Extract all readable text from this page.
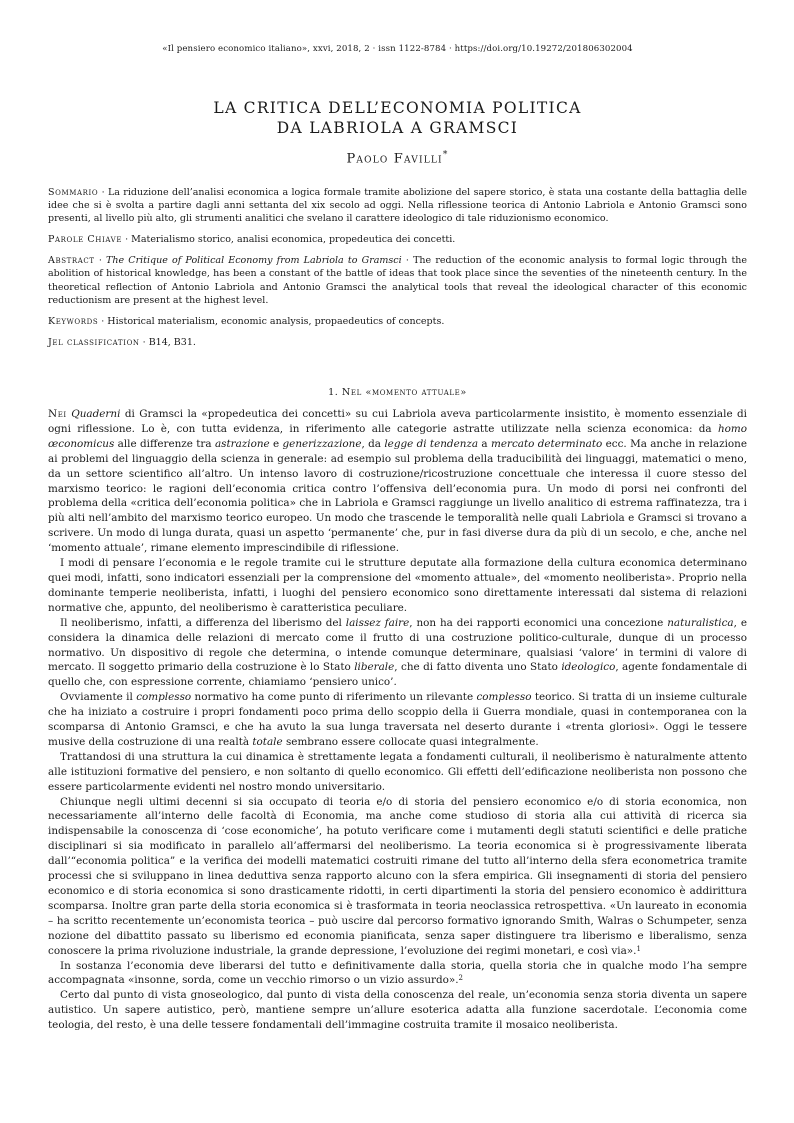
«Il pensiero economico italiano», xxvi, 2018, 2 · issn 1122-8784 · https://doi.org/10.19272/201806302004
LA CRITICA DELL’ECONOMIA POLITICA
DA LABRIOLA A GRAMSCI
Paolo Favilli*

Sommario · La riduzione dell’analisi economica a logica formale tramite abolizione del sapere storico, è stata una costante della battaglia delle idee che si è svolta a partire dagli anni settanta del xix secolo ad oggi. Nella riflessione teorica di Antonio Labriola e Antonio Gramsci sono presenti, al livello più alto, gli strumenti analitici che svelano il carattere ideologico di tale riduzionismo economico.

Parole Chiave · Materialismo storico, analisi economica, propedeutica dei concetti.

Abstract · The Critique of Political Economy from Labriola to Gramsci · The reduction of the economic analysis to formal logic through the abolition of historical knowledge, has been a constant of the battle of ideas that took place since the seventies of the nineteenth century. In the theoretical reflection of Antonio Labriola and Antonio Gramsci the analytical tools that reveal the ideological character of this economic reductionism are present at the highest level.

Keywords · Historical materialism, economic analysis, propaedeutics of concepts.

Jel classification · B14, B31.

1. Nel «momento attuale»

Nei Quaderni di Gramsci la «propedeutica dei concetti» su cui Labriola aveva particolarmente insistito, è momento essenziale di ogni riflessione. Lo è, con tutta evidenza, in riferimento alle categorie astratte utilizzate nella scienza economica: da homo œconomicus alle differenze tra astrazione e generizzazione, da legge di tendenza a mercato determinato ecc. Ma anche in relazione ai problemi del linguaggio della scienza in generale: ad esempio sul problema della traducibilità dei linguaggi, matematici o meno, da un settore scientifico all’altro. Un intenso lavoro di costruzione/ricostruzione concettuale che interessa il cuore stesso del marxismo teorico: le ragioni dell’economia critica contro l’offensiva dell’economia pura. Un modo di porsi nei confronti del problema della «critica dell’economia politica» che in Labriola e Gramsci raggiunge un livello analitico di estrema raffinatezza, tra i più alti nell’ambito del marxismo teorico europeo. Un modo che trascende le temporalità nelle quali Labriola e Gramsci si trovano a scrivere. Un modo di lunga durata, quasi un aspetto ‘permanente’ che, pur in fasi diverse dura da più di un secolo, e che, anche nel ‘momento attuale’, rimane elemento imprescindibile di riflessione.

I modi di pensare l’economia e le regole tramite cui le strutture deputate alla formazione della cultura economica determinano quei modi, infatti, sono indicatori essenziali per la comprensione del «momento attuale», del «momento neoliberista». Proprio nella dominante temperie neoliberista, infatti, i luoghi del pensiero economico sono direttamente interessati dal sistema di relazioni normative che, appunto, del neoliberismo è caratteristica peculiare.

Il neoliberismo, infatti, a differenza del liberismo del laissez faire, non ha dei rapporti economici una concezione naturalistica, e considera la dinamica delle relazioni di mercato come il frutto di una costruzione politico-culturale, dunque di un processo normativo. Un dispositivo di regole che determina, o intende comunque determinare, qualsiasi ‘valore’ in termini di valore di mercato. Il soggetto primario della costruzione è lo Stato liberale, che di fatto diventa uno Stato ideologico, agente fondamentale di quello che, con espressione corrente, chiamiamo ‘pensiero unico’.

Ovviamente il complesso normativo ha come punto di riferimento un rilevante complesso teorico. Si tratta di un insieme culturale che ha iniziato a costruire i propri fondamenti poco prima dello scoppio della ii Guerra mondiale, quasi in contemporanea con la scomparsa di Antonio Gramsci, e che ha avuto la sua lunga traversata nel deserto durante i «trenta gloriosi». Oggi le tessere musive della costruzione di una realtà totale sembrano essere collocate quasi integralmente.

Trattandosi di una struttura la cui dinamica è strettamente legata a fondamenti culturali, il neoliberismo è naturalmente attento alle istituzioni formative del pensiero, e non soltanto di quello economico. Gli effetti dell’edificazione neoliberista non possono che essere particolarmente evidenti nel nostro mondo universitario.

Chiunque negli ultimi decenni si sia occupato di teoria e/o di storia del pensiero economico e/o di storia economica, non necessariamente all’interno delle facoltà di Economia, ma anche come studioso di storia alla cui attività di ricerca sia indispensabile la conoscenza di ‘cose economiche’, ha potuto verificare come i mutamenti degli statuti scientifici e delle pratiche disciplinari si sia modificato in parallelo all’affermarsi del neoliberismo. La teoria economica si è progressivamente liberata dall’“economia politica” e la verifica dei modelli matematici costruiti rimane del tutto all’interno della sfera econometrica tramite processi che si sviluppano in linea deduttiva senza rapporto alcuno con la sfera empirica. Gli insegnamenti di storia del pensiero economico e di storia economica si sono drasticamente ridotti, in certi dipartimenti la storia del pensiero economico è addirittura scomparsa. Inoltre gran parte della storia economica si è trasformata in teoria neoclassica retrospettiva. «Un laureato in economia – ha scritto recentemente un’economista teorica – può uscire dal percorso formativo ignorando Smith, Walras o Schumpeter, senza nozione del dibattito passato su liberismo ed economia pianificata, senza saper distinguere tra liberismo e liberalismo, senza conoscere la prima rivoluzione industriale, la grande depressione, l’evoluzione dei regimi monetari, e così via».$^1$

In sostanza l’economia deve liberarsi del tutto e definitivamente dalla storia, quella storia che in qualche modo l’ha sempre accompagnata «insonne, sorda, come un vecchio rimorso o un vizio assurdo».$^2$

Certo dal punto di vista gnoseologico, dal punto di vista della conoscenza del reale, un’economia senza storia diventa un sapere autistico. Un sapere autistico, però, mantiene sempre un’allure esoterica adatta alla funzione sacerdotale. L’economia come teologia, del resto, è una delle tessere fondamentali dell’immagine costruita tramite il mosaico neoliberista.
